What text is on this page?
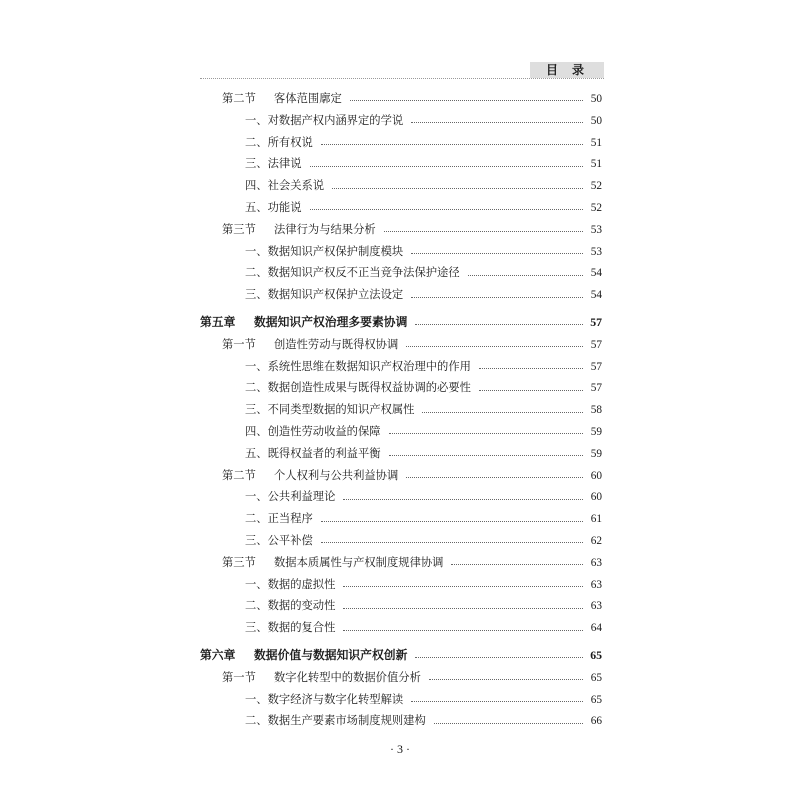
目录
第二节 客体范围廓定	50
一、对数据产权内涵界定的学说	50
二、所有权说	51
三、法律说	51
四、社会关系说	52
五、功能说	52
第三节 法律行为与结果分析	53
一、数据知识产权保护制度模块	53
二、数据知识产权反不正当竞争法保护途径	54
三、数据知识产权保护立法设定	54
第五章 数据知识产权治理多要素协调	57
第一节 创造性劳动与既得权协调	57
一、系统性思维在数据知识产权治理中的作用	57
二、数据创造性成果与既得权益协调的必要性	57
三、不同类型数据的知识产权属性	58
四、创造性劳动收益的保障	59
五、既得权益者的利益平衡	59
第二节 个人权利与公共利益协调	60
一、公共利益理论	60
二、正当程序	61
三、公平补偿	62
第三节 数据本质属性与产权制度规律协调	63
一、数据的虚拟性	63
二、数据的变动性	63
三、数据的复合性	64
第六章 数据价值与数据知识产权创新	65
第一节 数字化转型中的数据价值分析	65
一、数字经济与数字化转型解读	65
二、数据生产要素市场制度规则建构	66
· 3 ·
